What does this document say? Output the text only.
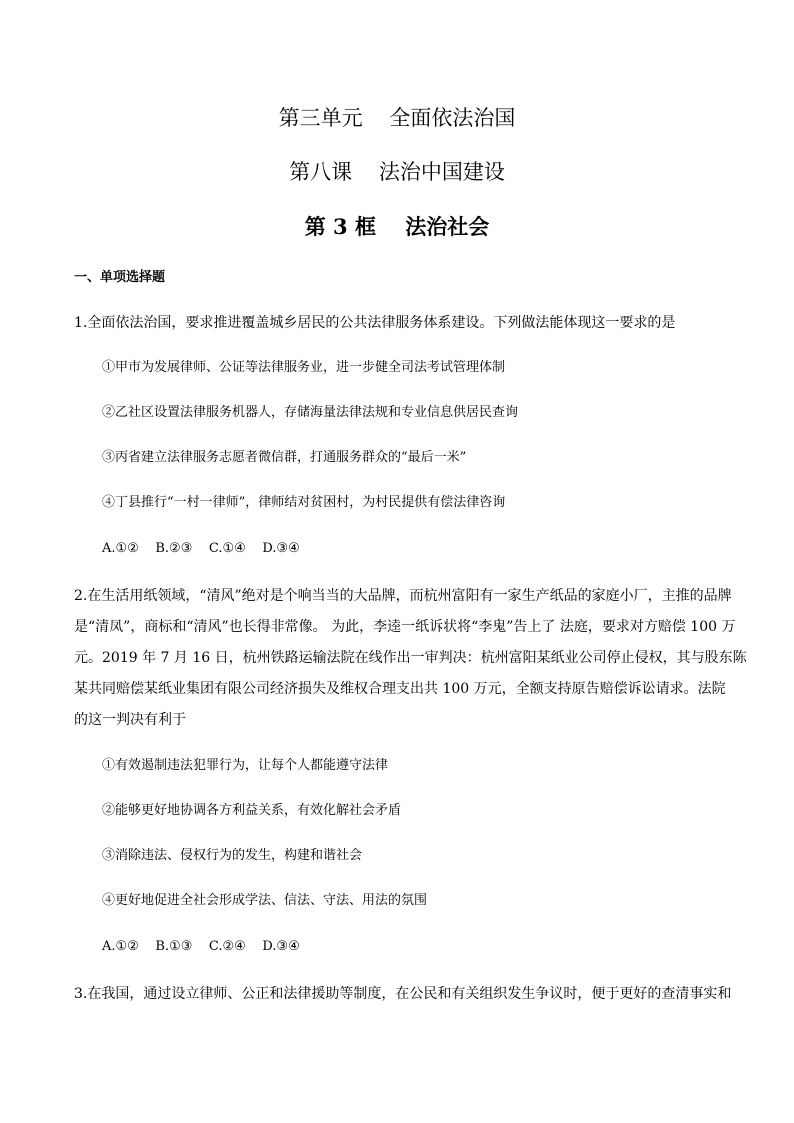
第三单元    全面依法治国
第八课    法治中国建设
第 3 框    法治社会
一、单项选择题
1.全面依法治国，要求推进覆盖城乡居民的公共法律服务体系建设。下列做法能体现这一要求的是
①甲市为发展律师、公证等法律服务业，进一步健全司法考试管理体制
②乙社区设置法律服务机器人，存储海量法律法规和专业信息供居民查询
③丙省建立法律服务志愿者微信群，打通服务群众的“最后一米”
④丁县推行“一村一律师”，律师结对贫困村，为村民提供有偿法律咨询
A.①②    B.②③    C.①④    D.③④
2.在生活用纸领域，“清风”绝对是个响当当的大品牌，而杭州富阳有一家生产纸品的家庭小厂，主推的品牌
是“清凤”，商标和“清风”也长得非常像。 为此，李逵一纸诉状将“李鬼”告上了 法庭，要求对方赔偿 100 万
元。2019 年 7 月 16 日，杭州铁路运输法院在线作出一审判决：杭州富阳某纸业公司停止侵权，其与股东陈
某共同赔偿某纸业集团有限公司经济损失及维权合理支出共 100 万元，全额支持原告赔偿诉讼请求。法院
的这一判决有利于
①有效遏制违法犯罪行为，让每个人都能遵守法律
②能够更好地协调各方利益关系，有效化解社会矛盾
③消除违法、侵权行为的发生，构建和谐社会
④更好地促进全社会形成学法、信法、守法、用法的氛围
A.①②    B.①③    C.②④    D.③④
3.在我国，通过设立律师、公正和法律援助等制度，在公民和有关组织发生争议时，便于更好的查清事实和
